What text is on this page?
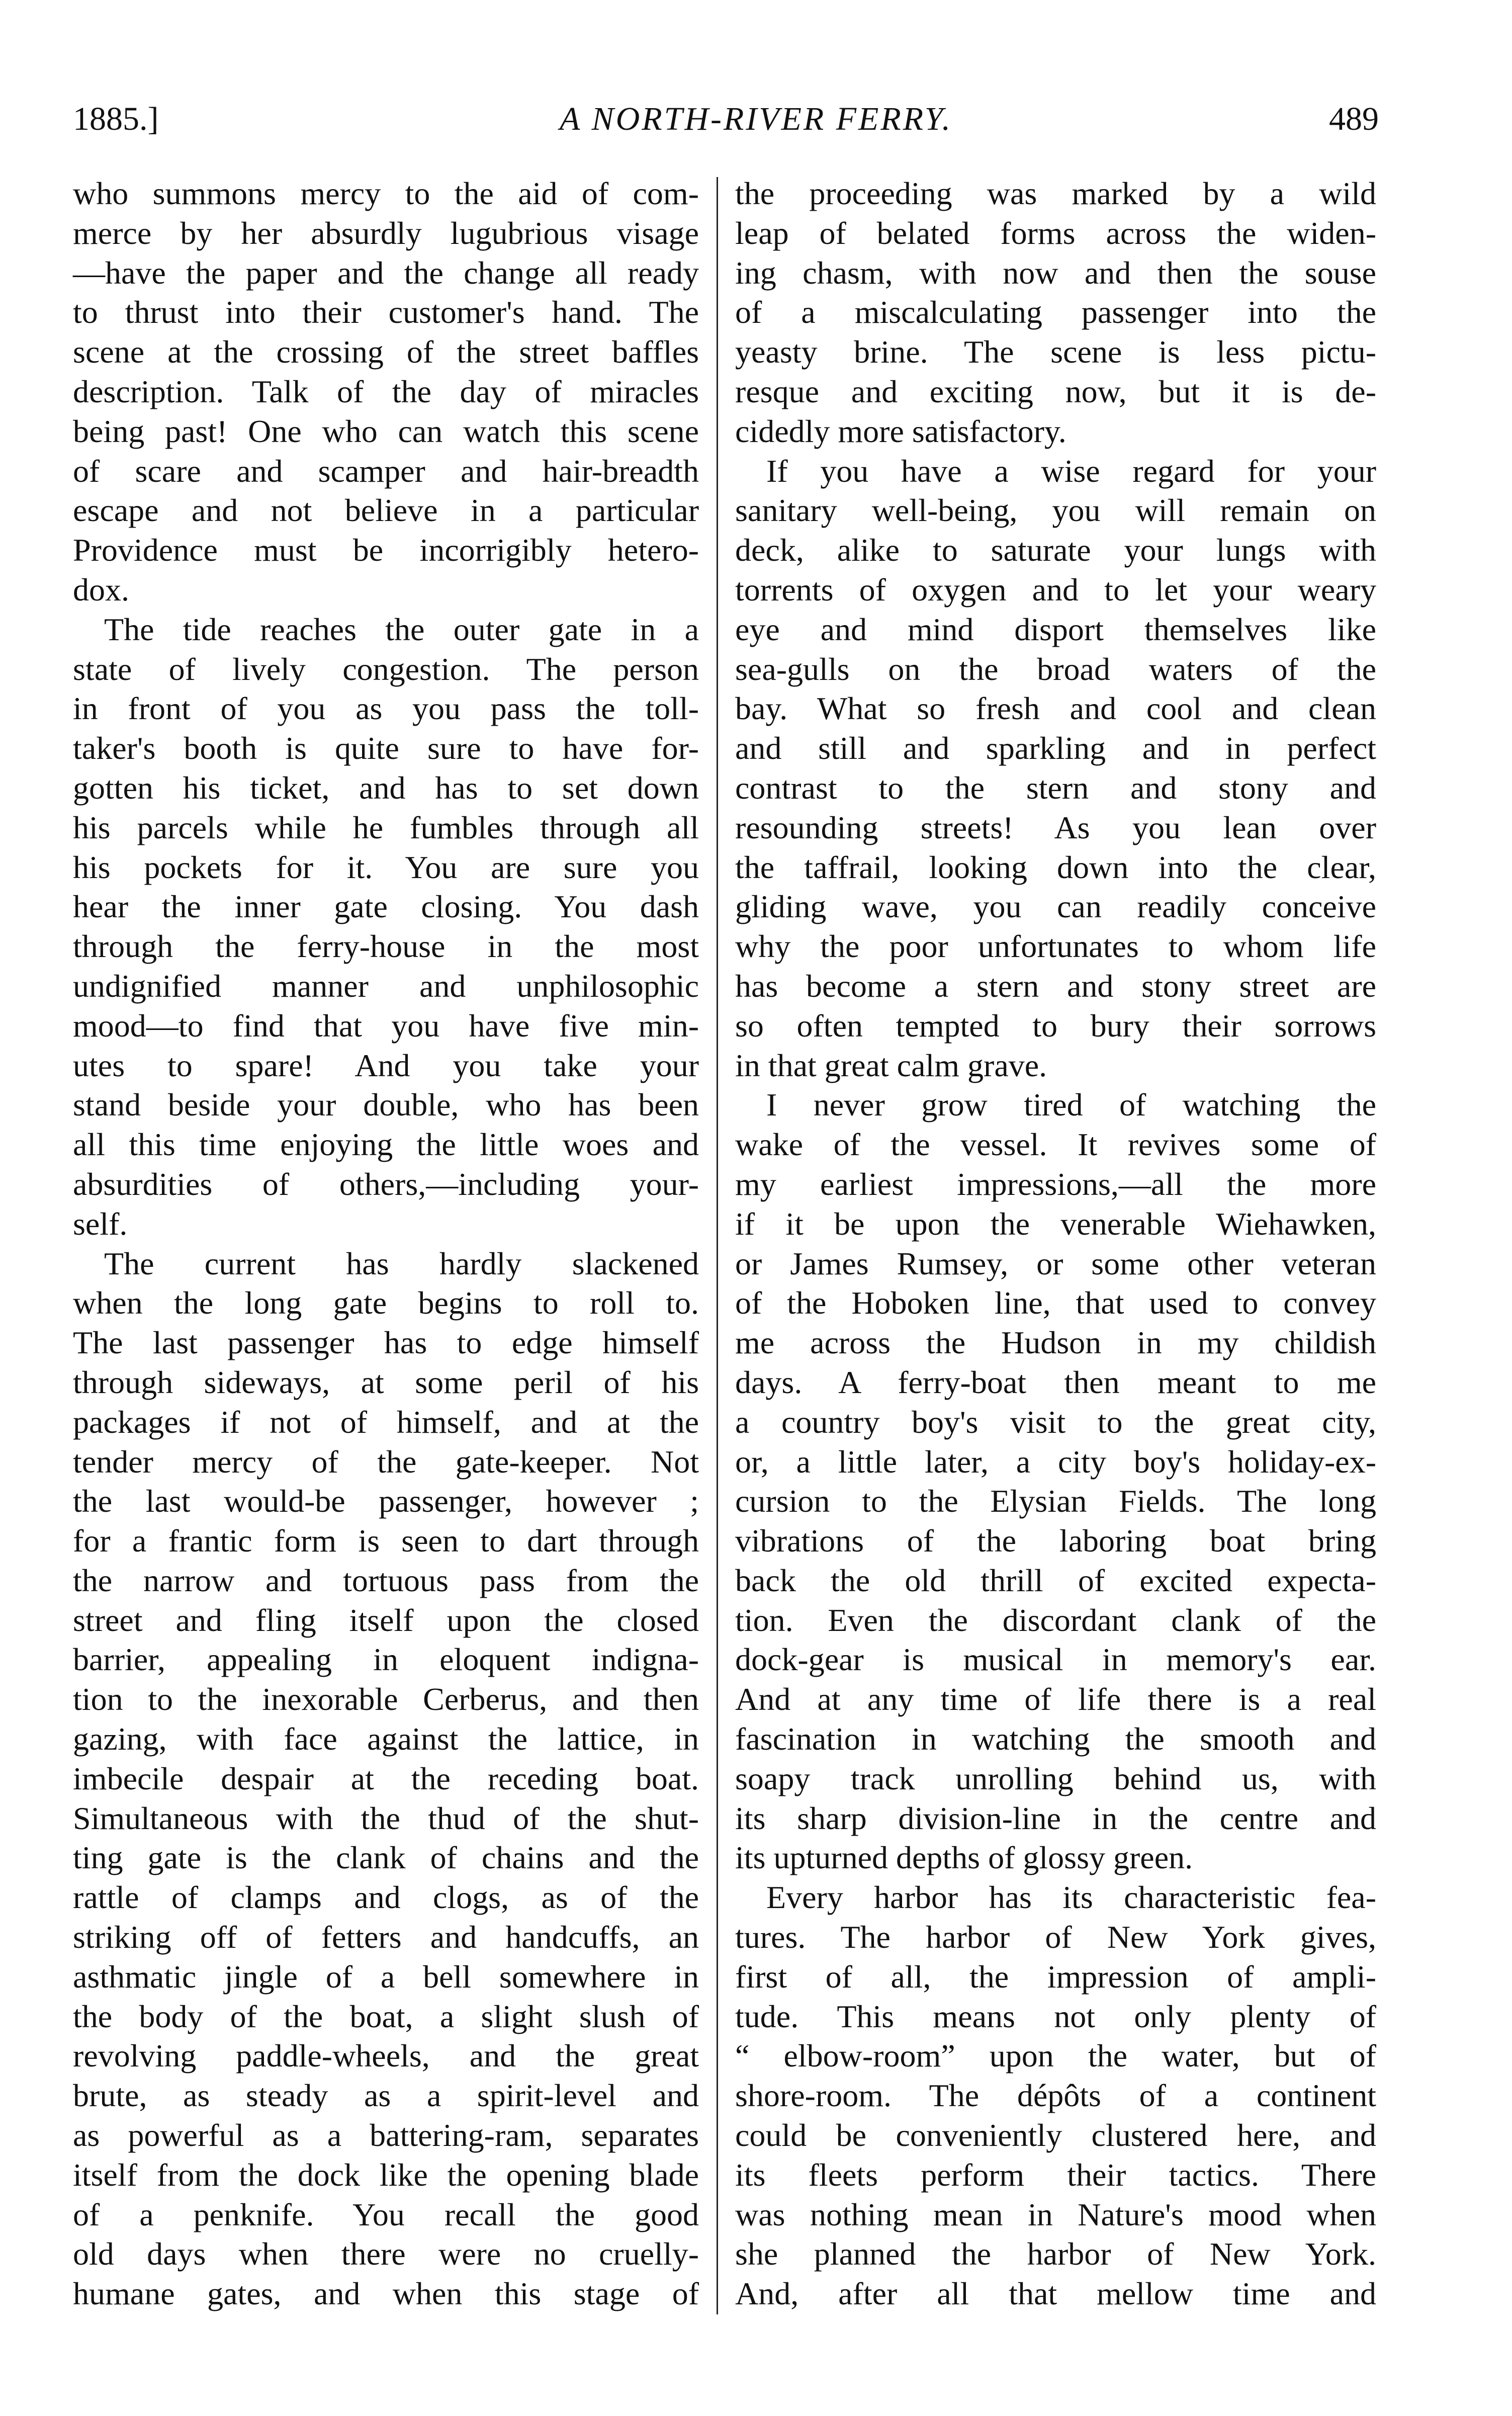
1885.]	A NORTH-RIVER FERRY.	489
who summons mercy to the aid of com-
merce by her absurdly lugubrious visage
—have the paper and the change all ready
to thrust into their customer's hand. The
scene at the crossing of the street baffles
description. Talk of the day of miracles
being past! One who can watch this scene
of scare and scamper and hair-breadth
escape and not believe in a particular
Providence must be incorrigibly hetero-
dox.
The tide reaches the outer gate in a
state of lively congestion. The person
in front of you as you pass the toll-
taker's booth is quite sure to have for-
gotten his ticket, and has to set down
his parcels while he fumbles through all
his pockets for it. You are sure you
hear the inner gate closing. You dash
through the ferry-house in the most
undignified manner and unphilosophic
mood—to find that you have five min-
utes to spare! And you take your
stand beside your double, who has been
all this time enjoying the little woes and
absurdities of others,—including your-
self.
The current has hardly slackened
when the long gate begins to roll to.
The last passenger has to edge himself
through sideways, at some peril of his
packages if not of himself, and at the
tender mercy of the gate-keeper. Not
the last would-be passenger, however ;
for a frantic form is seen to dart through
the narrow and tortuous pass from the
street and fling itself upon the closed
barrier, appealing in eloquent indigna-
tion to the inexorable Cerberus, and then
gazing, with face against the lattice, in
imbecile despair at the receding boat.
Simultaneous with the thud of the shut-
ting gate is the clank of chains and the
rattle of clamps and clogs, as of the
striking off of fetters and handcuffs, an
asthmatic jingle of a bell somewhere in
the body of the boat, a slight slush of
revolving paddle-wheels, and the great
brute, as steady as a spirit-level and
as powerful as a battering-ram, separates
itself from the dock like the opening blade
of a penknife. You recall the good
old days when there were no cruelly-
humane gates, and when this stage of
the proceeding was marked by a wild
leap of belated forms across the widen-
ing chasm, with now and then the souse
of a miscalculating passenger into the
yeasty brine. The scene is less pictu-
resque and exciting now, but it is de-
cidedly more satisfactory.
If you have a wise regard for your
sanitary well-being, you will remain on
deck, alike to saturate your lungs with
torrents of oxygen and to let your weary
eye and mind disport themselves like
sea-gulls on the broad waters of the
bay. What so fresh and cool and clean
and still and sparkling and in perfect
contrast to the stern and stony and
resounding streets! As you lean over
the taffrail, looking down into the clear,
gliding wave, you can readily conceive
why the poor unfortunates to whom life
has become a stern and stony street are
so often tempted to bury their sorrows
in that great calm grave.
I never grow tired of watching the
wake of the vessel. It revives some of
my earliest impressions,—all the more
if it be upon the venerable Wiehawken,
or James Rumsey, or some other veteran
of the Hoboken line, that used to convey
me across the Hudson in my childish
days. A ferry-boat then meant to me
a country boy's visit to the great city,
or, a little later, a city boy's holiday-ex-
cursion to the Elysian Fields. The long
vibrations of the laboring boat bring
back the old thrill of excited expecta-
tion. Even the discordant clank of the
dock-gear is musical in memory's ear.
And at any time of life there is a real
fascination in watching the smooth and
soapy track unrolling behind us, with
its sharp division-line in the centre and
its upturned depths of glossy green.
Every harbor has its characteristic fea-
tures. The harbor of New York gives,
first of all, the impression of ampli-
tude. This means not only plenty of
“ elbow-room” upon the water, but of
shore-room. The dépôts of a continent
could be conveniently clustered here, and
its fleets perform their tactics. There
was nothing mean in Nature's mood when
she planned the harbor of New York.
And, after all that mellow time and
